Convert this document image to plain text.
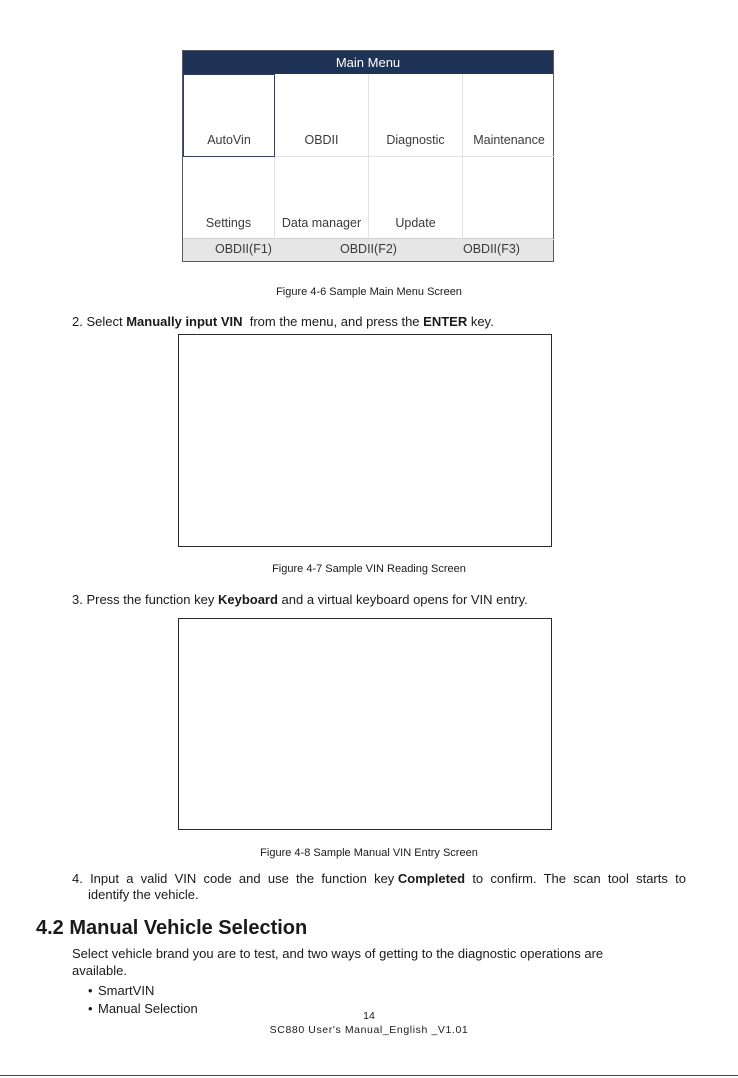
Main Menu
AutoVin	OBDII	Diagnostic	Maintenance
Settings	Data manager	Update
OBDII(F1)	OBDII(F2)	OBDII(F3)
Figure 4-6 Sample Main Menu Screen
2. Select Manually input VIN  from the menu, and press the ENTER key.
Figure 4-7 Sample VIN Reading Screen
3. Press the function key Keyboard and a virtual keyboard opens for VIN entry.
Figure 4-8 Sample Manual VIN Entry Screen
4.  Input  a  valid  VIN  code  and  use  the  function  key Completed  to  confirm.  The  scan  tool  starts  to
identify the vehicle.
4.2 Manual Vehicle Selection
Select vehicle brand you are to test, and two ways of getting to the diagnostic operations are
available.
• SmartVIN
• Manual Selection	14
SC880 User's Manual_English _V1.01
